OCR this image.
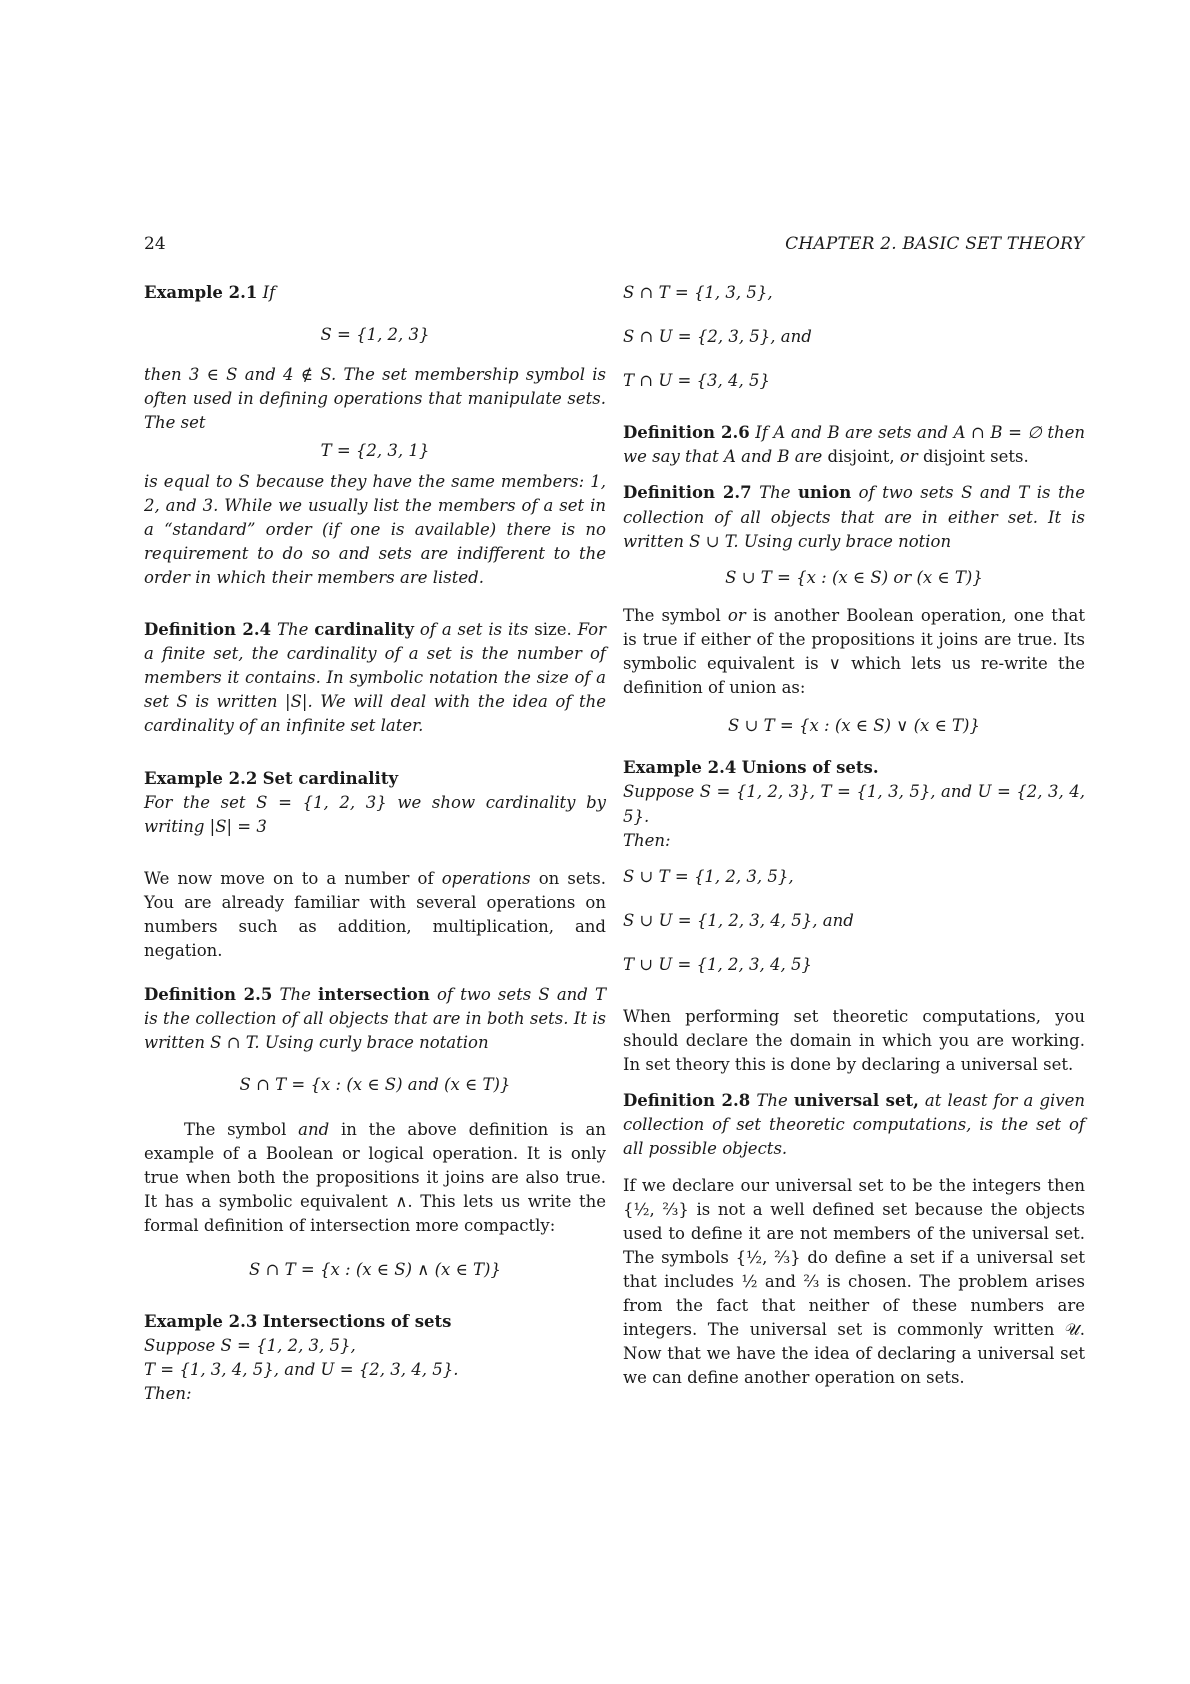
24	CHAPTER 2. BASIC SET THEORY

Example 2.1 If

S = {1, 2, 3}

then 3 ∈ S and 4 ∉ S. The set membership symbol is often used in defining operations that manipulate sets. The set

T = {2, 3, 1}

is equal to S because they have the same members: 1, 2, and 3. While we usually list the members of a set in a “standard” order (if one is available) there is no requirement to do so and sets are indifferent to the order in which their members are listed.

Definition 2.4 The cardinality of a set is its size. For a finite set, the cardinality of a set is the number of members it contains. In symbolic notation the size of a set S is written |S|. We will deal with the idea of the cardinality of an infinite set later.

Example 2.2 Set cardinality

For the set S = {1, 2, 3} we show cardinality by writing |S| = 3

We now move on to a number of operations on sets. You are already familiar with several operations on numbers such as addition, multiplication, and negation.

Definition 2.5 The intersection of two sets S and T is the collection of all objects that are in both sets. It is written S ∩ T. Using curly brace notation

S ∩ T = {x : (x ∈ S) and (x ∈ T)}

The symbol and in the above definition is an example of a Boolean or logical operation. It is only true when both the propositions it joins are also true. It has a symbolic equivalent ∧. This lets us write the formal definition of intersection more compactly:

S ∩ T = {x : (x ∈ S) ∧ (x ∈ T)}

Example 2.3 Intersections of sets

Suppose S = {1, 2, 3, 5},

T = {1, 3, 4, 5}, and U = {2, 3, 4, 5}.

Then:

S ∩ T = {1, 3, 5},

S ∩ U = {2, 3, 5}, and

T ∩ U = {3, 4, 5}

Definition 2.6 If A and B are sets and A ∩ B = ∅ then we say that A and B are disjoint, or disjoint sets.

Definition 2.7 The union of two sets S and T is the collection of all objects that are in either set. It is written S ∪ T. Using curly brace notion

S ∪ T = {x : (x ∈ S) or (x ∈ T)}

The symbol or is another Boolean operation, one that is true if either of the propositions it joins are true. Its symbolic equivalent is ∨ which lets us re-write the definition of union as:

S ∪ T = {x : (x ∈ S) ∨ (x ∈ T)}

Example 2.4 Unions of sets.

Suppose S = {1, 2, 3}, T = {1, 3, 5}, and U = {2, 3, 4, 5}.

Then:

S ∪ T = {1, 2, 3, 5},

S ∪ U = {1, 2, 3, 4, 5}, and

T ∪ U = {1, 2, 3, 4, 5}

When performing set theoretic computations, you should declare the domain in which you are working. In set theory this is done by declaring a universal set.

Definition 2.8 The universal set, at least for a given collection of set theoretic computations, is the set of all possible objects.

If we declare our universal set to be the integers then {½, ⅔} is not a well defined set because the objects used to define it are not members of the universal set. The symbols {½, ⅔} do define a set if a universal set that includes ½ and ⅔ is chosen. The problem arises from the fact that neither of these numbers are integers. The universal set is commonly written 𝒰. Now that we have the idea of declaring a universal set we can define another operation on sets.
